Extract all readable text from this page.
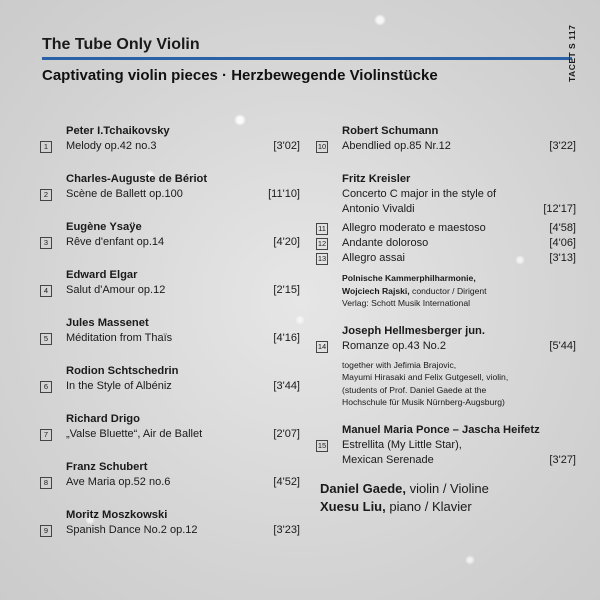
The Tube Only Violin
Captivating violin pieces · Herzbewegende Violinstücke	TACET S 117
Peter I.Tchaikovsky
1	Melody op.42 no.3	[3'02]
Charles-Auguste de Bériot
2	Scène de Ballett op.100	[11'10]
Eugène Ysaÿe
3	Rêve d'enfant op.14	[4'20]
Edward Elgar
4	Salut d'Amour op.12	[2'15]
Jules Massenet
5	Méditation from Thaïs	[4'16]
Rodion Schtschedrin
6	In the Style of Albéniz	[3'44]
Richard Drigo
7	„Valse Bluette“, Air de Ballet	[2'07]
Franz Schubert
8	Ave Maria op.52 no.6	[4'52]
Moritz Moszkowski
9	Spanish Dance No.2 op.12	[3'23]
Robert Schumann
10 Abendlied op.85 Nr.12	[3'22]
Fritz Kreisler
Concerto C major in the style of
Antonio Vivaldi	[12'17]
11 Allegro moderato e maestoso	[4'58]
12 Andante doloroso	[4'06]
13 Allegro assai	[3'13]
Polnische Kammerphilharmonie,
Wojciech Rajski, conductor / Dirigent
Verlag: Schott Musik International
Joseph Hellmesberger jun.
14 Romanze op.43 No.2	[5'44]
together with Jefimia Brajovic,
Mayumi Hirasaki and Felix Gutgesell, violin,
(students of Prof. Daniel Gaede at the
Hochschule für Musik Nürnberg-Augsburg)
Manuel Maria Ponce – Jascha Heifetz
15 Estrellita (My Little Star),
Mexican Serenade	[3'27]
Daniel Gaede, violin / Violine
Xuesu Liu, piano / Klavier
